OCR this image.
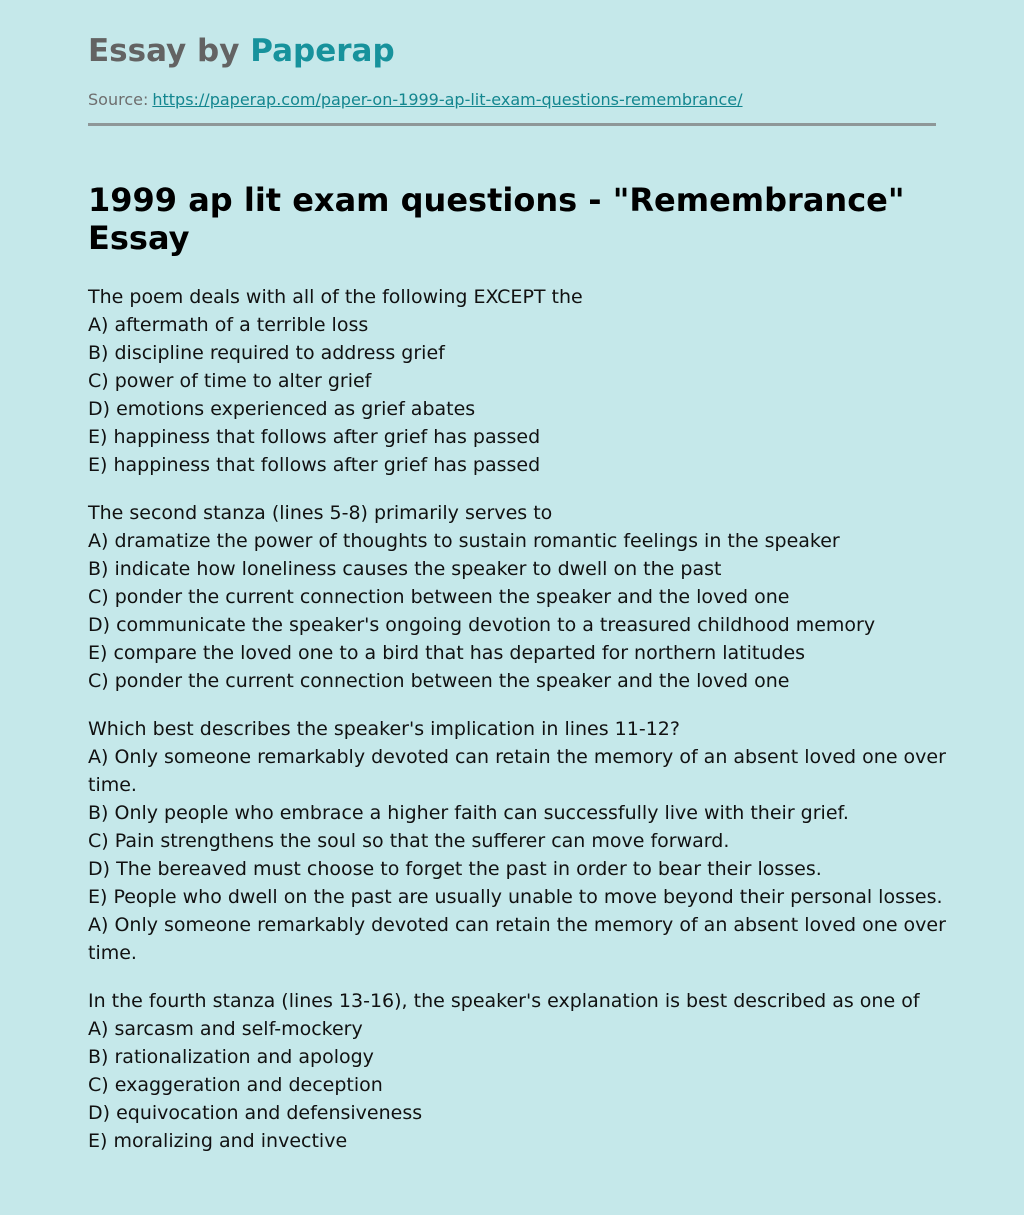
Essay by Paperap
Source: https://paperap.com/paper-on-1999-ap-lit-exam-questions-remembrance/
1999 ap lit exam questions - "Remembrance" Essay
The poem deals with all of the following EXCEPT the
A) aftermath of a terrible loss
B) discipline required to address grief
C) power of time to alter grief
D) emotions experienced as grief abates
E) happiness that follows after grief has passed
E) happiness that follows after grief has passed
The second stanza (lines 5-8) primarily serves to
A) dramatize the power of thoughts to sustain romantic feelings in the speaker
B) indicate how loneliness causes the speaker to dwell on the past
C) ponder the current connection between the speaker and the loved one
D) communicate the speaker's ongoing devotion to a treasured childhood memory
E) compare the loved one to a bird that has departed for northern latitudes
C) ponder the current connection between the speaker and the loved one
Which best describes the speaker's implication in lines 11-12?
A) Only someone remarkably devoted can retain the memory of an absent loved one over time.
B) Only people who embrace a higher faith can successfully live with their grief.
C) Pain strengthens the soul so that the sufferer can move forward.
D) The bereaved must choose to forget the past in order to bear their losses.
E) People who dwell on the past are usually unable to move beyond their personal losses.
A) Only someone remarkably devoted can retain the memory of an absent loved one over time.
In the fourth stanza (lines 13-16), the speaker's explanation is best described as one of
A) sarcasm and self-mockery
B) rationalization and apology
C) exaggeration and deception
D) equivocation and defensiveness
E) moralizing and invective
